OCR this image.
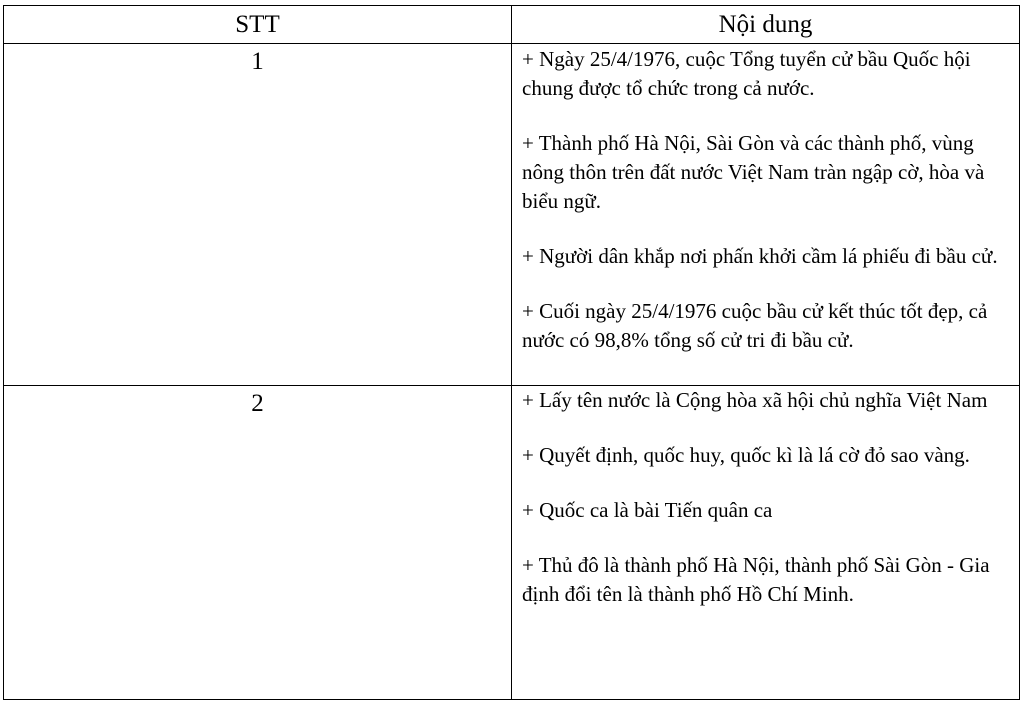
STT	Nội dung
1	+ Ngày 25/4/1976, cuộc Tổng tuyển cử bầu Quốc hội chung được tổ chức trong cả nước.

+ Thành phố Hà Nội, Sài Gòn và các thành phố, vùng nông thôn trên đất nước Việt Nam tràn ngập cờ, hòa và biểu ngữ.

+ Người dân khắp nơi phấn khởi cầm lá phiếu đi bầu cử.

+ Cuối ngày 25/4/1976 cuộc bầu cử kết thúc tốt đẹp, cả nước có 98,8% tổng số cử tri đi bầu cử.

2	+ Lấy tên nước là Cộng hòa xã hội chủ nghĩa Việt Nam

+ Quyết định, quốc huy, quốc kì là lá cờ đỏ sao vàng.

+ Quốc ca là bài Tiến quân ca

+ Thủ đô là thành phố Hà Nội, thành phố Sài Gòn - Gia định đổi tên là thành phố Hồ Chí Minh.
